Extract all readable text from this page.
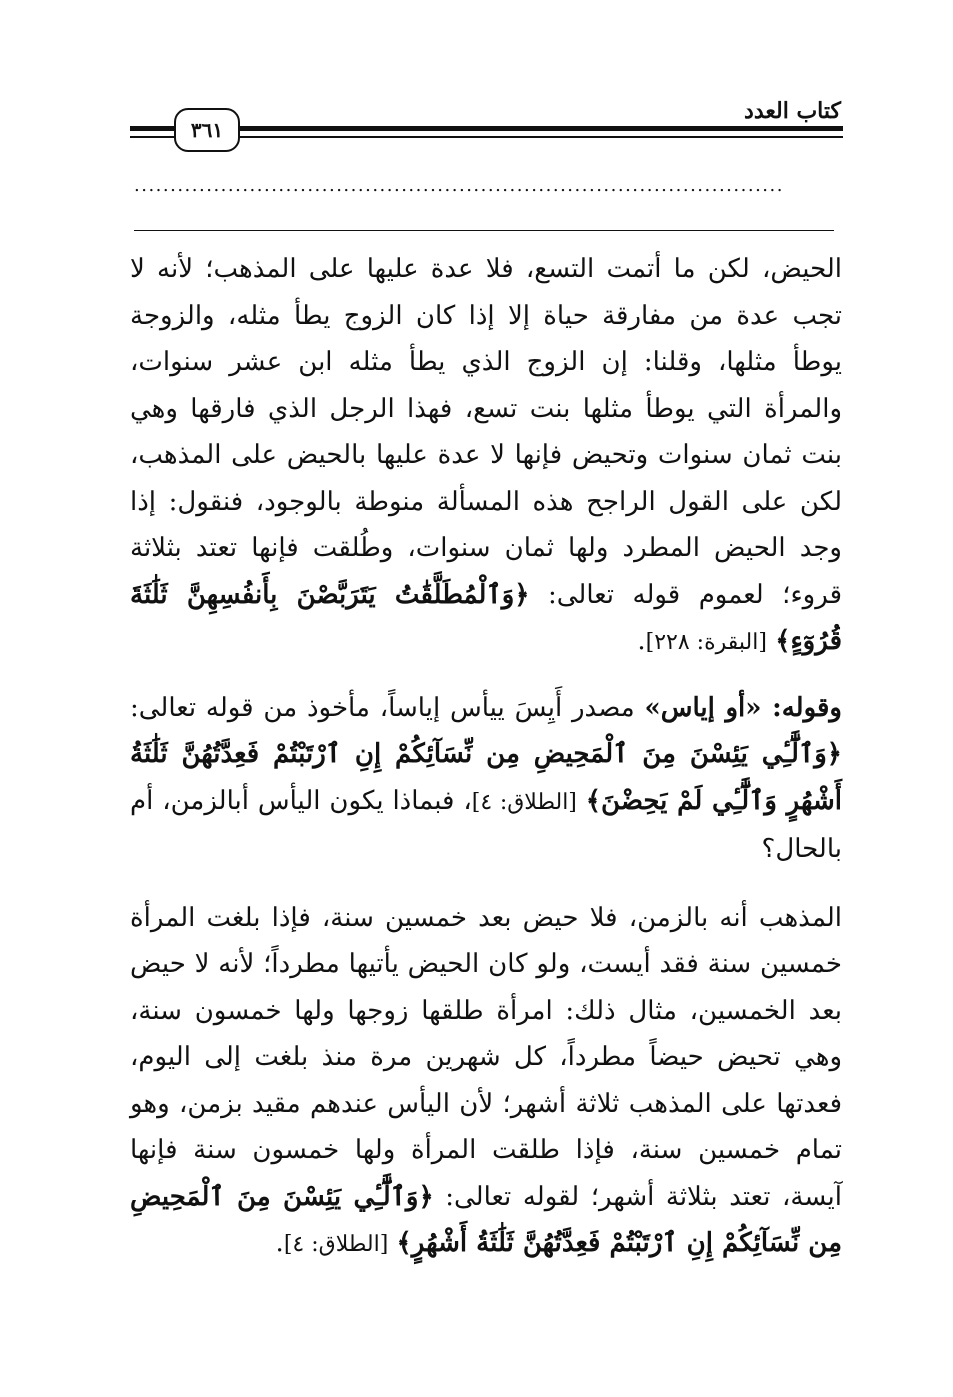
كتاب العدد
٣٦١
..........................................................................................

الحيض، لكن ما أتمت التسع، فلا عدة عليها على المذهب؛ لأنه لا تجب عدة من مفارقة حياة إلا إذا كان الزوج يطأ مثله، والزوجة يوطأ مثلها، وقلنا: إن الزوج الذي يطأ مثله ابن عشر سنوات، والمرأة التي يوطأ مثلها بنت تسع، فهذا الرجل الذي فارقها وهي بنت ثمان سنوات وتحيض فإنها لا عدة عليها بالحيض على المذهب، لكن على القول الراجح هذه المسألة منوطة بالوجود، فنقول: إذا وجد الحيض المطرد ولها ثمان سنوات، وطُلقت فإنها تعتد بثلاثة قروء؛ لعموم قوله تعالى: ﴿وَٱلْمُطَلَّقَٰتُ يَتَرَبَّصْنَ بِأَنفُسِهِنَّ ثَلَٰثَةَ قُرُوٓءٍ﴾ [البقرة: ٢٢٨].

وقوله: «أو إياس» مصدر أَيِسَ ييأس إياساً، مأخوذ من قوله تعالى: ﴿وَٱلَّٰٓـِٔي يَئِسْنَ مِنَ ٱلْمَحِيضِ مِن نِّسَآئِكُمْ إِنِ ٱرْتَبْتُمْ فَعِدَّتُهُنَّ ثَلَٰثَةُ أَشْهُرٍ وَٱلَّٰٓـِٔي لَمْ يَحِضْنَ﴾ [الطلاق: ٤]، فبماذا يكون اليأس أبالزمن، أم بالحال؟

المذهب أنه بالزمن، فلا حيض بعد خمسين سنة، فإذا بلغت المرأة خمسين سنة فقد أيست، ولو كان الحيض يأتيها مطرداً؛ لأنه لا حيض بعد الخمسين، مثال ذلك: امرأة طلقها زوجها ولها خمسون سنة، وهي تحيض حيضاً مطرداً، كل شهرين مرة منذ بلغت إلى اليوم، فعدتها على المذهب ثلاثة أشهر؛ لأن اليأس عندهم مقيد بزمن، وهو تمام خمسين سنة، فإذا طلقت المرأة ولها خمسون سنة فإنها آيسة، تعتد بثلاثة أشهر؛ لقوله تعالى: ﴿وَٱلَّٰٓـِٔي يَئِسْنَ مِنَ ٱلْمَحِيضِ مِن نِّسَآئِكُمْ إِنِ ٱرْتَبْتُمْ فَعِدَّتُهُنَّ ثَلَٰثَةُ أَشْهُرٍ﴾ [الطلاق: ٤].
